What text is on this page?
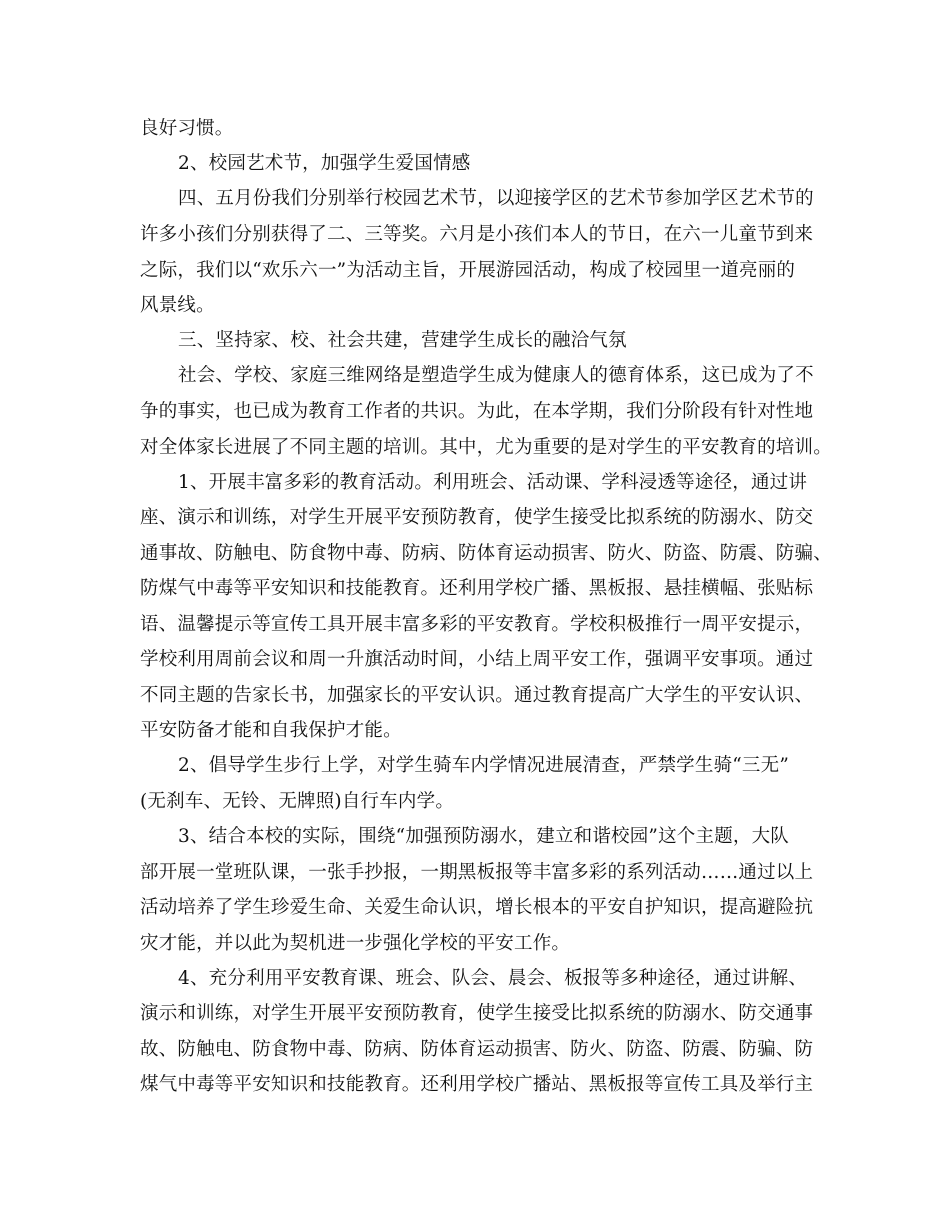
良好习惯。
2、校园艺术节，加强学生爱国情感
四、五月份我们分别举行校园艺术节，以迎接学区的艺术节参加学区艺术节的
许多小孩们分别获得了二、三等奖。六月是小孩们本人的节日，在六一儿童节到来
之际，我们以“欢乐六一”为活动主旨，开展游园活动，构成了校园里一道亮丽的
风景线。
三、坚持家、校、社会共建，营建学生成长的融洽气氛
社会、学校、家庭三维网络是塑造学生成为健康人的德育体系，这已成为了不
争的事实，也已成为教育工作者的共识。为此，在本学期，我们分阶段有针对性地
对全体家长进展了不同主题的培训。其中，尤为重要的是对学生的平安教育的培训。
1、开展丰富多彩的教育活动。利用班会、活动课、学科浸透等途径，通过讲
座、演示和训练，对学生开展平安预防教育，使学生接受比拟系统的防溺水、防交
通事故、防触电、防食物中毒、防病、防体育运动损害、防火、防盗、防震、防骗、
防煤气中毒等平安知识和技能教育。还利用学校广播、黑板报、悬挂横幅、张贴标
语、温馨提示等宣传工具开展丰富多彩的平安教育。学校积极推行一周平安提示，
学校利用周前会议和周一升旗活动时间，小结上周平安工作，强调平安事项。通过
不同主题的告家长书，加强家长的平安认识。通过教育提高广大学生的平安认识、
平安防备才能和自我保护才能。
2、倡导学生步行上学，对学生骑车内学情况进展清查，严禁学生骑“三无”
(无刹车、无铃、无牌照)自行车内学。
3、结合本校的实际，围绕“加强预防溺水，建立和谐校园”这个主题，大队
部开展一堂班队课，一张手抄报，一期黑板报等丰富多彩的系列活动……通过以上
活动培养了学生珍爱生命、关爱生命认识，增长根本的平安自护知识，提高避险抗
灾才能，并以此为契机进一步强化学校的平安工作。
4、充分利用平安教育课、班会、队会、晨会、板报等多种途径，通过讲解、
演示和训练，对学生开展平安预防教育，使学生接受比拟系统的防溺水、防交通事
故、防触电、防食物中毒、防病、防体育运动损害、防火、防盗、防震、防骗、防
煤气中毒等平安知识和技能教育。还利用学校广播站、黑板报等宣传工具及举行主
